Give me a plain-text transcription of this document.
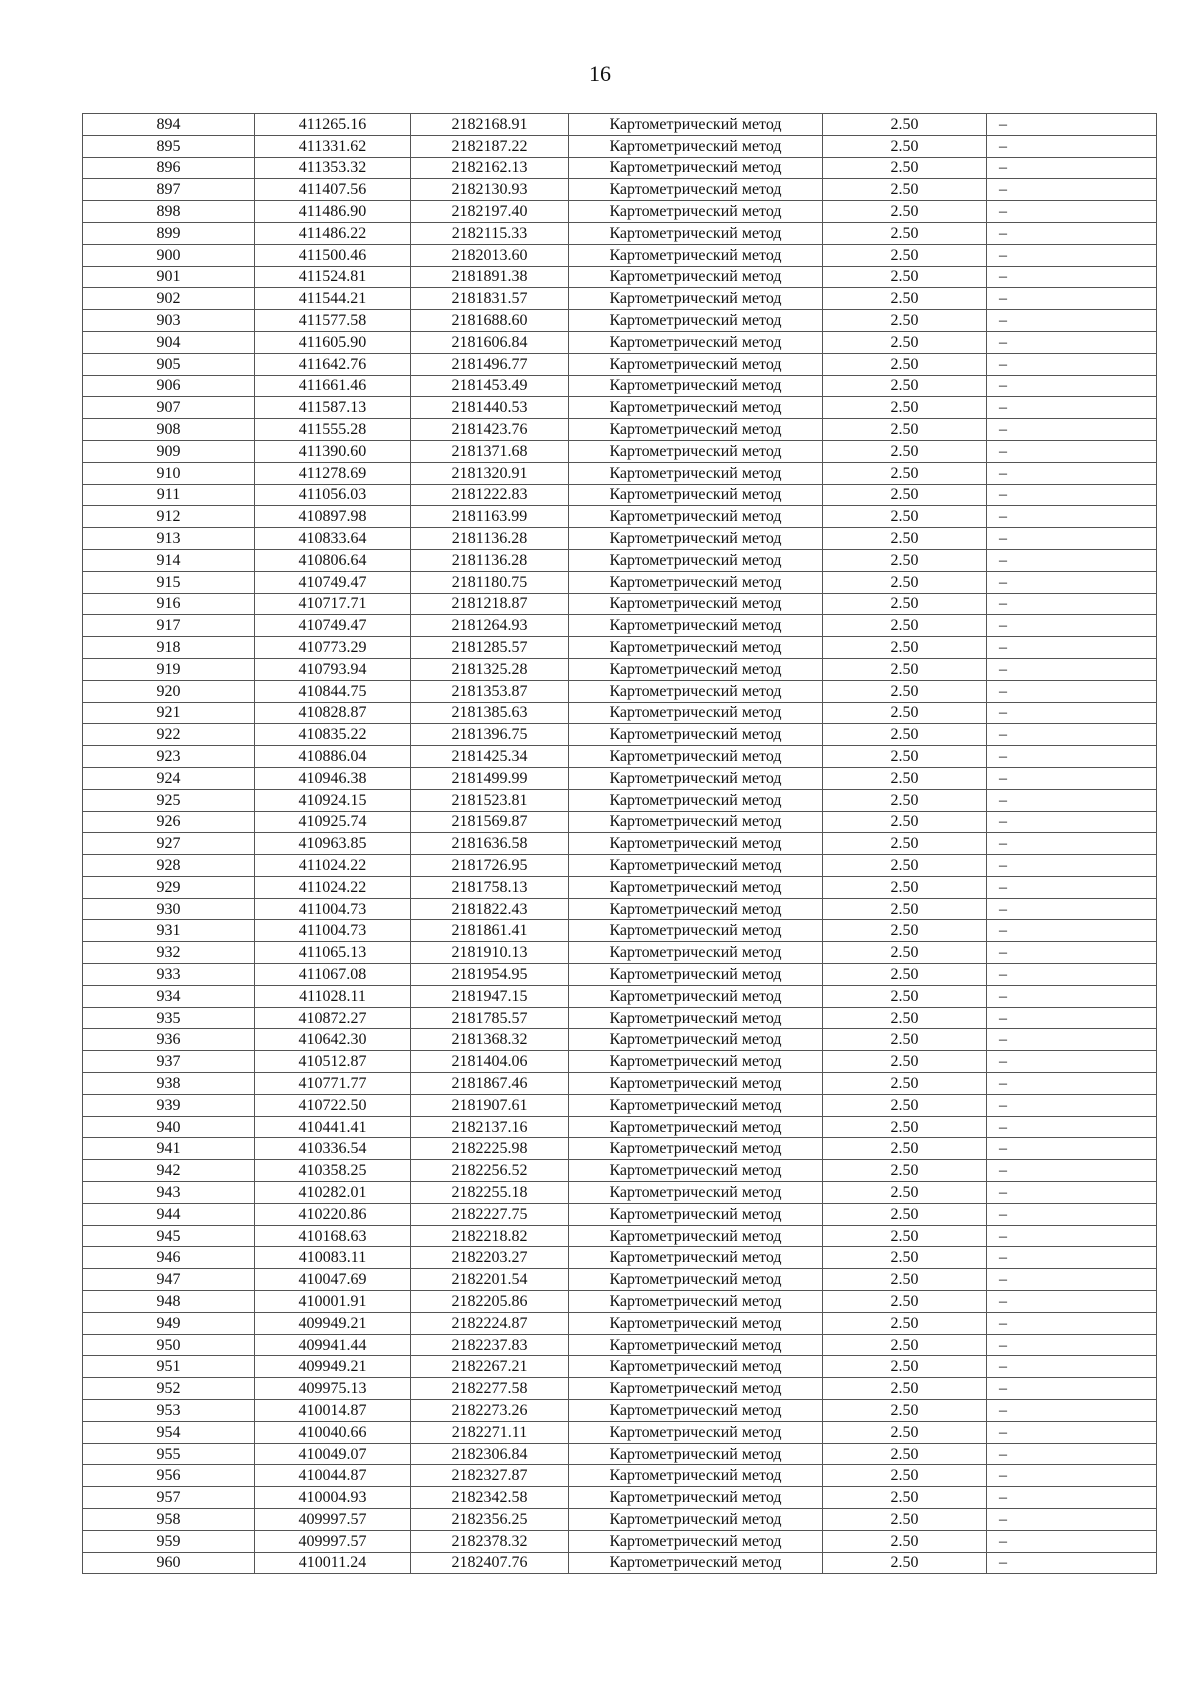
16
894	411265.16	2182168.91	Картометрический метод	2.50	–
895	411331.62	2182187.22	Картометрический метод	2.50	–
896	411353.32	2182162.13	Картометрический метод	2.50	–
897	411407.56	2182130.93	Картометрический метод	2.50	–
898	411486.90	2182197.40	Картометрический метод	2.50	–
899	411486.22	2182115.33	Картометрический метод	2.50	–
900	411500.46	2182013.60	Картометрический метод	2.50	–
901	411524.81	2181891.38	Картометрический метод	2.50	–
902	411544.21	2181831.57	Картометрический метод	2.50	–
903	411577.58	2181688.60	Картометрический метод	2.50	–
904	411605.90	2181606.84	Картометрический метод	2.50	–
905	411642.76	2181496.77	Картометрический метод	2.50	–
906	411661.46	2181453.49	Картометрический метод	2.50	–
907	411587.13	2181440.53	Картометрический метод	2.50	–
908	411555.28	2181423.76	Картометрический метод	2.50	–
909	411390.60	2181371.68	Картометрический метод	2.50	–
910	411278.69	2181320.91	Картометрический метод	2.50	–
911	411056.03	2181222.83	Картометрический метод	2.50	–
912	410897.98	2181163.99	Картометрический метод	2.50	–
913	410833.64	2181136.28	Картометрический метод	2.50	–
914	410806.64	2181136.28	Картометрический метод	2.50	–
915	410749.47	2181180.75	Картометрический метод	2.50	–
916	410717.71	2181218.87	Картометрический метод	2.50	–
917	410749.47	2181264.93	Картометрический метод	2.50	–
918	410773.29	2181285.57	Картометрический метод	2.50	–
919	410793.94	2181325.28	Картометрический метод	2.50	–
920	410844.75	2181353.87	Картометрический метод	2.50	–
921	410828.87	2181385.63	Картометрический метод	2.50	–
922	410835.22	2181396.75	Картометрический метод	2.50	–
923	410886.04	2181425.34	Картометрический метод	2.50	–
924	410946.38	2181499.99	Картометрический метод	2.50	–
925	410924.15	2181523.81	Картометрический метод	2.50	–
926	410925.74	2181569.87	Картометрический метод	2.50	–
927	410963.85	2181636.58	Картометрический метод	2.50	–
928	411024.22	2181726.95	Картометрический метод	2.50	–
929	411024.22	2181758.13	Картометрический метод	2.50	–
930	411004.73	2181822.43	Картометрический метод	2.50	–
931	411004.73	2181861.41	Картометрический метод	2.50	–
932	411065.13	2181910.13	Картометрический метод	2.50	–
933	411067.08	2181954.95	Картометрический метод	2.50	–
934	411028.11	2181947.15	Картометрический метод	2.50	–
935	410872.27	2181785.57	Картометрический метод	2.50	–
936	410642.30	2181368.32	Картометрический метод	2.50	–
937	410512.87	2181404.06	Картометрический метод	2.50	–
938	410771.77	2181867.46	Картометрический метод	2.50	–
939	410722.50	2181907.61	Картометрический метод	2.50	–
940	410441.41	2182137.16	Картометрический метод	2.50	–
941	410336.54	2182225.98	Картометрический метод	2.50	–
942	410358.25	2182256.52	Картометрический метод	2.50	–
943	410282.01	2182255.18	Картометрический метод	2.50	–
944	410220.86	2182227.75	Картометрический метод	2.50	–
945	410168.63	2182218.82	Картометрический метод	2.50	–
946	410083.11	2182203.27	Картометрический метод	2.50	–
947	410047.69	2182201.54	Картометрический метод	2.50	–
948	410001.91	2182205.86	Картометрический метод	2.50	–
949	409949.21	2182224.87	Картометрический метод	2.50	–
950	409941.44	2182237.83	Картометрический метод	2.50	–
951	409949.21	2182267.21	Картометрический метод	2.50	–
952	409975.13	2182277.58	Картометрический метод	2.50	–
953	410014.87	2182273.26	Картометрический метод	2.50	–
954	410040.66	2182271.11	Картометрический метод	2.50	–
955	410049.07	2182306.84	Картометрический метод	2.50	–
956	410044.87	2182327.87	Картометрический метод	2.50	–
957	410004.93	2182342.58	Картометрический метод	2.50	–
958	409997.57	2182356.25	Картометрический метод	2.50	–
959	409997.57	2182378.32	Картометрический метод	2.50	–
960	410011.24	2182407.76	Картометрический метод	2.50	–
